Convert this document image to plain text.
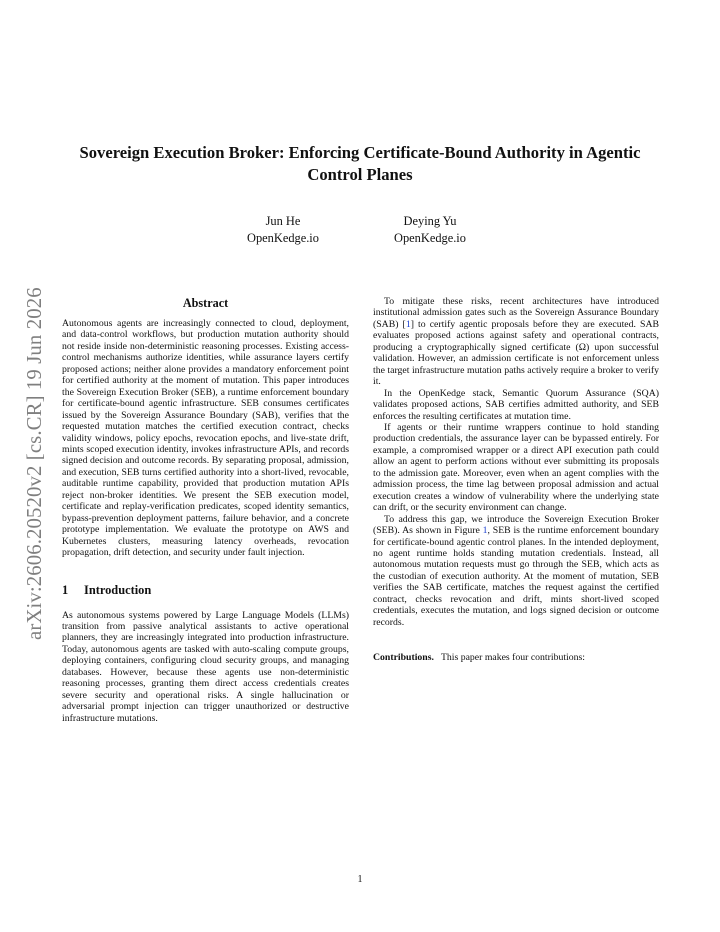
Sovereign Execution Broker: Enforcing Certificate-Bound Authority in Agentic Control Planes
Jun He
OpenKedge.io
Deying Yu
OpenKedge.io
arXiv:2606.20520v2 [cs.CR] 19 Jun 2026	Abstract

Autonomous agents are increasingly connected to cloud, deployment, and data-control workflows, but production mutation authority should not reside inside non-deterministic reasoning processes. Existing access-control mechanisms authorize identities, while assurance layers certify proposed actions; neither alone provides a mandatory enforcement point for certified authority at the moment of mutation. This paper introduces the Sovereign Execution Broker (SEB), a runtime enforcement boundary for certificate-bound agentic infrastructure. SEB consumes certificates issued by the Sovereign Assurance Boundary (SAB), verifies that the requested mutation matches the certified execution contract, checks validity windows, policy epochs, revocation epochs, and live-state drift, mints scoped execution identity, invokes infrastructure APIs, and records signed decision and outcome records. By separating proposal, admission, and execution, SEB turns certified authority into a short-lived, revocable, auditable runtime capability, provided that production mutation APIs reject non-broker identities. We present the SEB execution model, certificate and replay-verification predicates, scoped identity semantics, bypass-prevention deployment patterns, failure behavior, and a concrete prototype implementation. We evaluate the prototype on AWS and Kubernetes clusters, measuring latency overheads, revocation propagation, drift detection, and security under fault injection.

1 Introduction

As autonomous systems powered by Large Language Models (LLMs) transition from passive analytical assistants to active operational planners, they are increasingly integrated into production infrastructure. Today, autonomous agents are tasked with auto-scaling compute groups, deploying containers, configuring cloud security groups, and managing databases. However, because these agents use non-deterministic reasoning processes, granting them direct access credentials creates severe security and operational risks. A single hallucination or adversarial prompt injection can trigger unauthorized or destructive infrastructure mutations.

To mitigate these risks, recent architectures have introduced institutional admission gates such as the Sovereign Assurance Boundary (SAB) [1] to certify agentic proposals before they are executed. SAB evaluates proposed actions against safety and operational contracts, producing a cryptographically signed certificate (Ω) upon successful validation. However, an admission certificate is not enforcement unless the target infrastructure mutation paths actively require a broker to verify it.

In the OpenKedge stack, Semantic Quorum Assurance (SQA) validates proposed actions, SAB certifies admitted authority, and SEB enforces the resulting certificates at mutation time.

If agents or their runtime wrappers continue to hold standing production credentials, the assurance layer can be bypassed entirely. For example, a compromised wrapper or a direct API execution path could allow an agent to perform actions without ever submitting its proposals to the admission gate. Moreover, even when an agent complies with the admission process, the time lag between proposal admission and actual execution creates a window of vulnerability where the underlying state can drift, or the security environment can change.

To address this gap, we introduce the Sovereign Execution Broker (SEB). As shown in Figure 1, SEB is the runtime enforcement boundary for certificate-bound agentic control planes. In the intended deployment, no agent runtime holds standing mutation credentials. Instead, all autonomous mutation requests must go through the SEB, which acts as the custodian of execution authority. At the moment of mutation, SEB verifies the SAB certificate, matches the request against the certified contract, checks revocation and drift, mints short-lived scoped credentials, executes the mutation, and logs signed decision or outcome records.

Contributions. This paper makes four contributions:

1
